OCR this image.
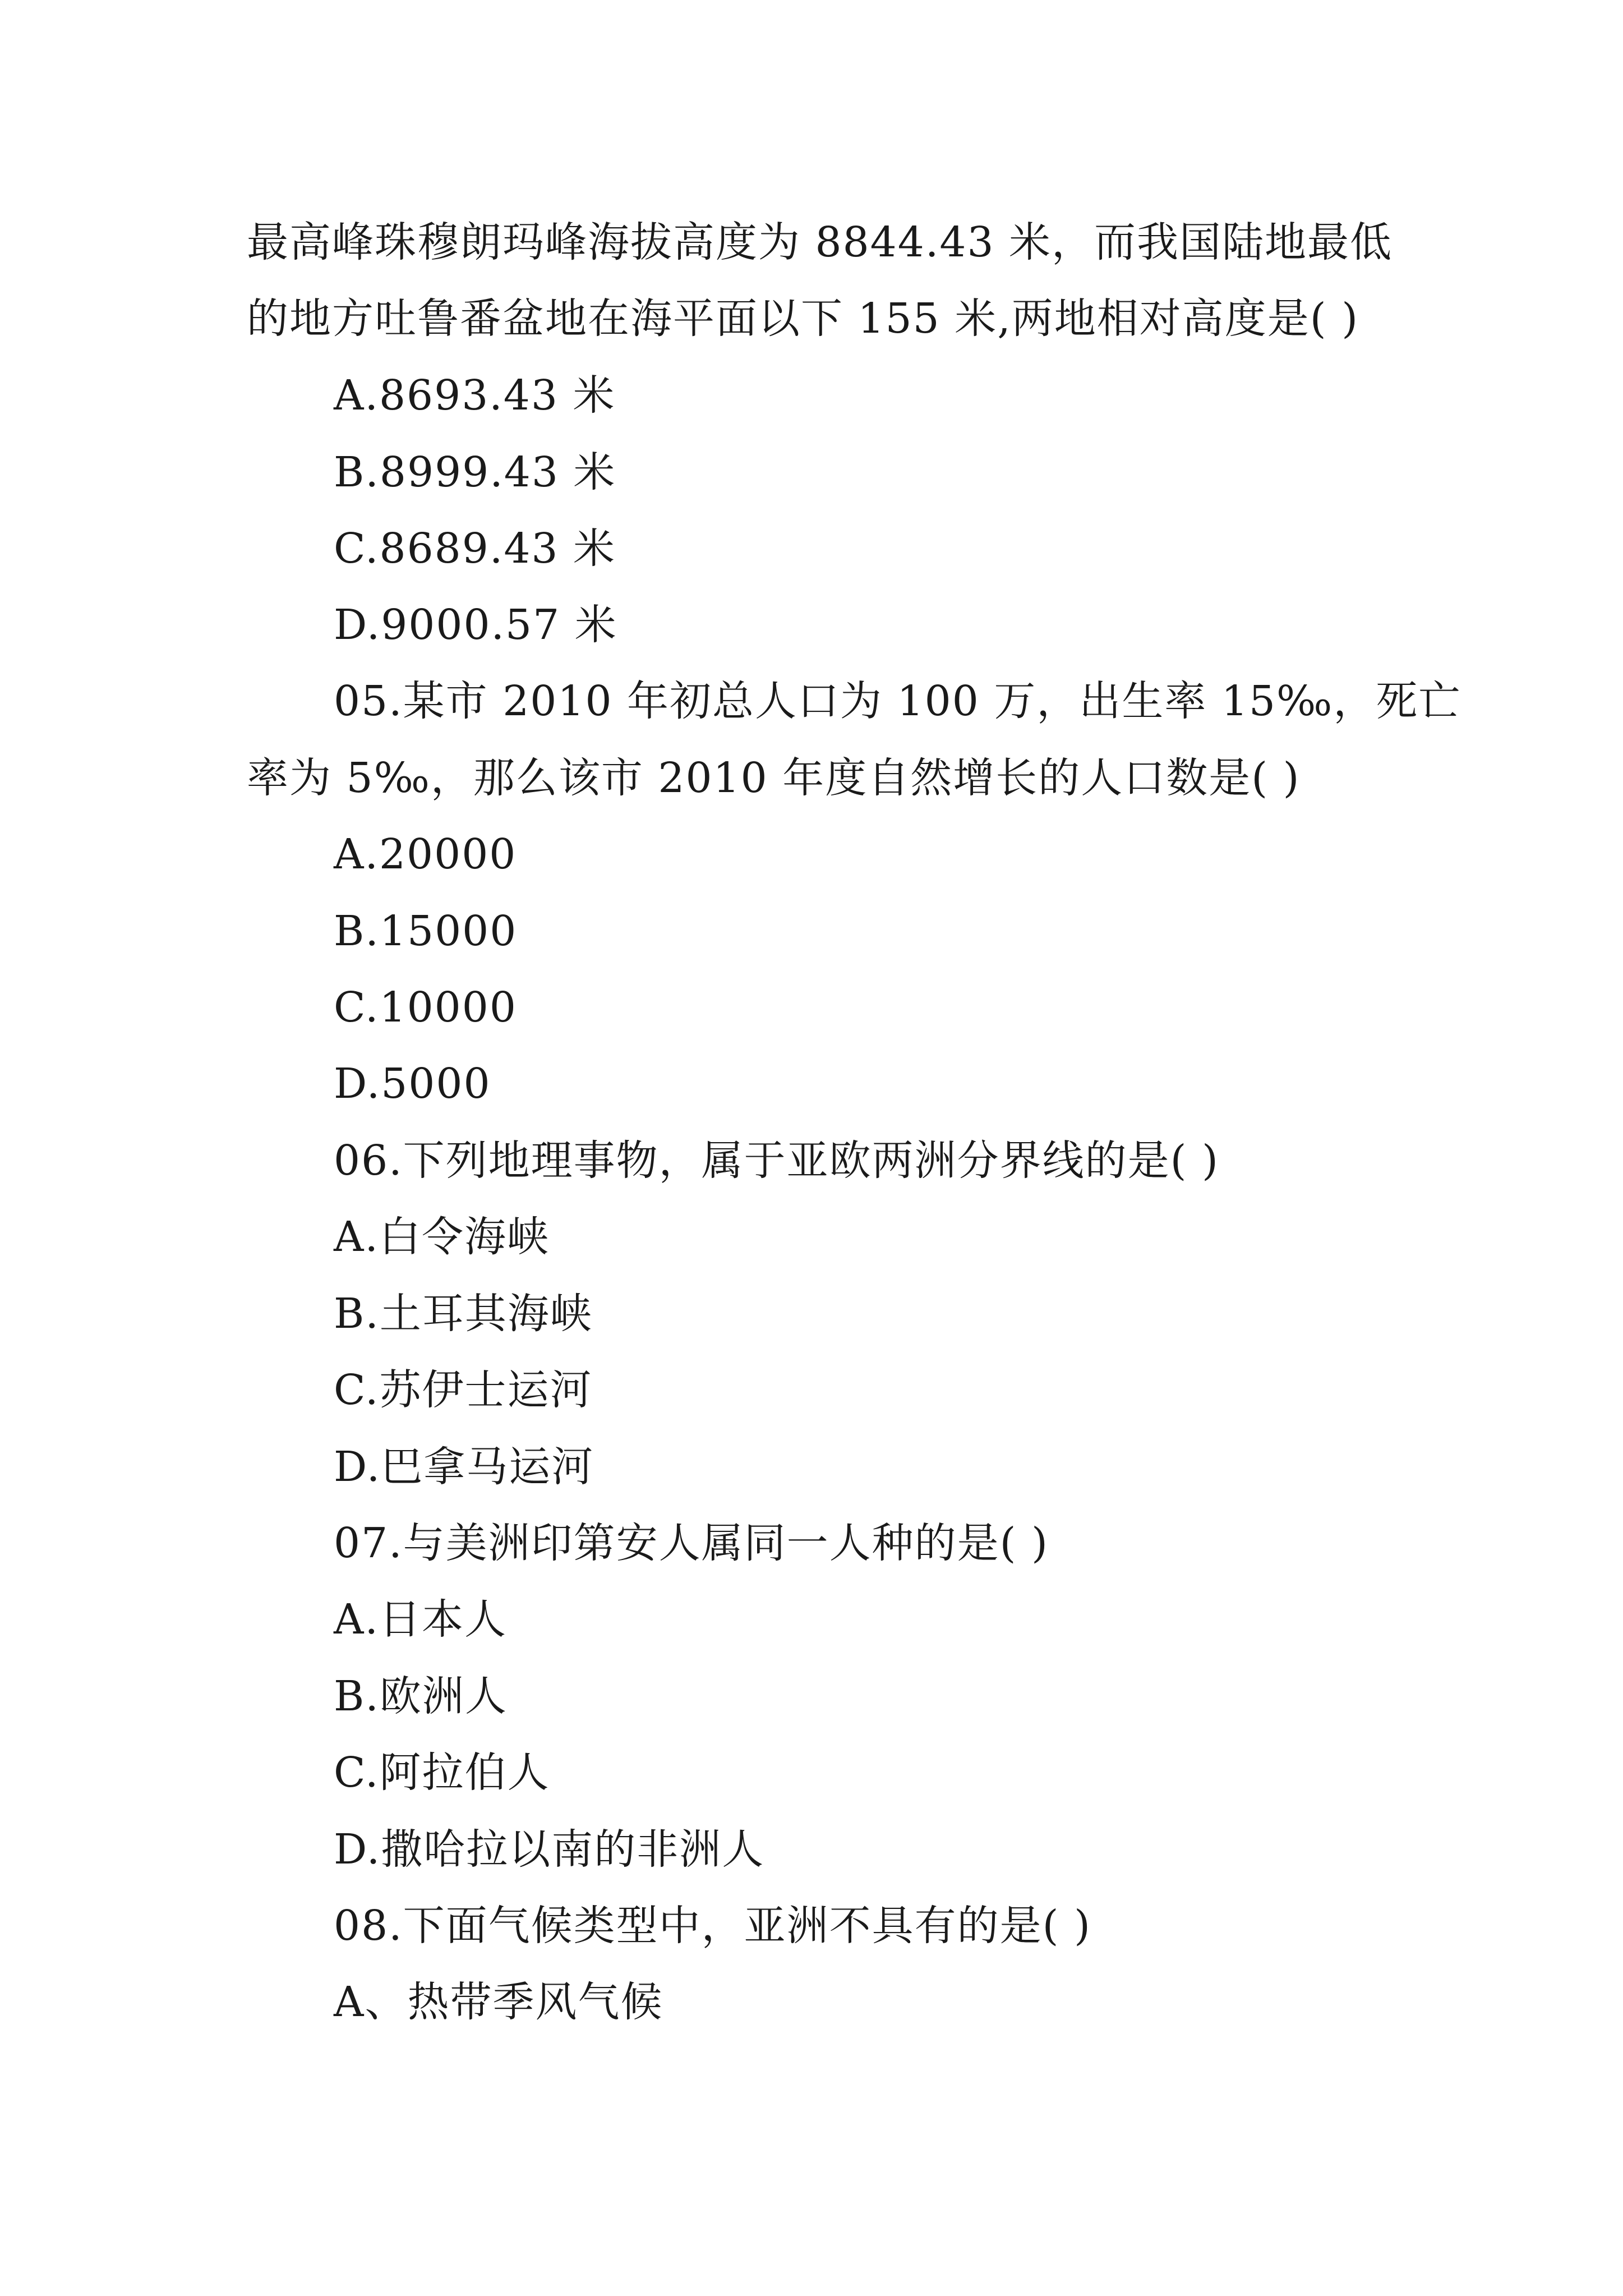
最高峰珠穆朗玛峰海拔高度为 8844.43 米，而我国陆地最低

的地方吐鲁番盆地在海平面以下 155 米,两地相对高度是( )

A.8693.43 米

B.8999.43 米

C.8689.43 米

D.9000.57 米

05.某市 2010 年初总人口为 100 万，出生率 15‰，死亡

率为 5‰，那么该市 2010 年度自然增长的人口数是( )

A.20000

B.15000

C.10000

D.5000

06.下列地理事物，属于亚欧两洲分界线的是( )

A.白令海峡

B.土耳其海峡

C.苏伊士运河

D.巴拿马运河

07.与美洲印第安人属同一人种的是( )

A.日本人

B.欧洲人

C.阿拉伯人

D.撒哈拉以南的非洲人

08.下面气候类型中，亚洲不具有的是( )

A、热带季风气候
